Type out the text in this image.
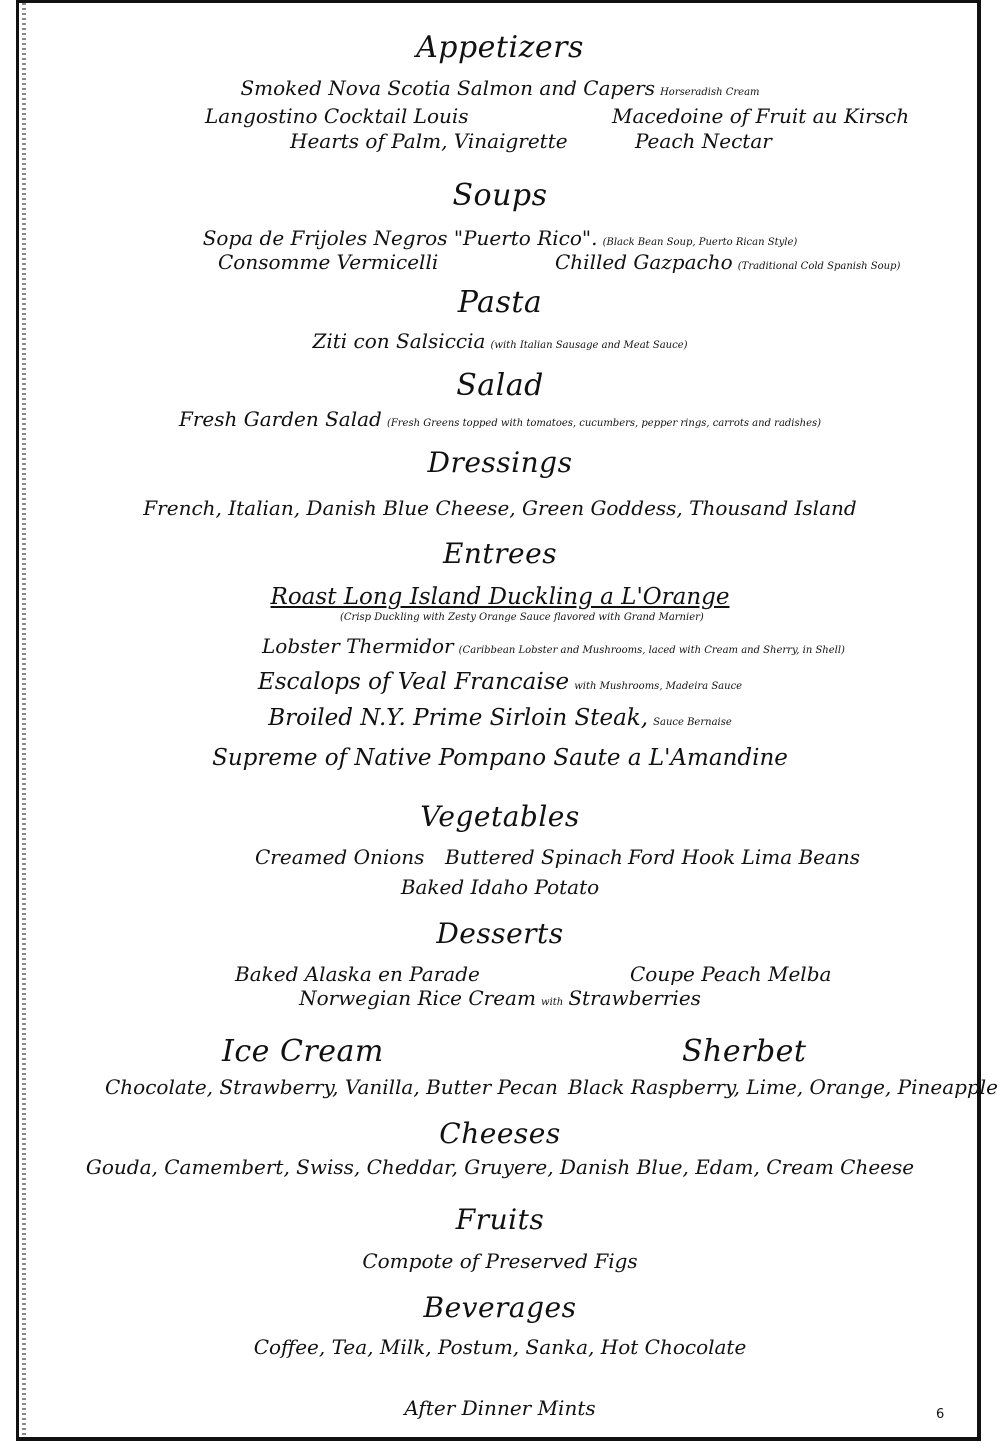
Appetizers
Smoked Nova Scotia Salmon and Capers Horseradish Cream
Langostino Cocktail Louis	Macedoine of Fruit au Kirsch
Hearts of Palm, Vinaigrette	Peach Nectar
Soups
Sopa de Frijoles Negros "Puerto Rico". (Black Bean Soup, Puerto Rican Style)
Consomme Vermicelli	Chilled Gazpacho (Traditional Cold Spanish Soup)
Pasta
Ziti con Salsiccia (with Italian Sausage and Meat Sauce)
Salad
Fresh Garden Salad (Fresh Greens topped with tomatoes, cucumbers, pepper rings, carrots and radishes)
Dressings
French, Italian, Danish Blue Cheese, Green Goddess, Thousand Island
Entrees
Roast Long Island Duckling a L'Orange
(Crisp Duckling with Zesty Orange Sauce flavored with Grand Marnier)
Lobster Thermidor (Caribbean Lobster and Mushrooms, laced with Cream and Sherry, in Shell)
Escalops of Veal Francaise with Mushrooms, Madeira Sauce
Broiled N.Y. Prime Sirloin Steak, Sauce Bernaise
Supreme of Native Pompano Saute a L'Amandine
Vegetables
Creamed Onions Buttered Spinach Ford Hook Lima Beans
Baked Idaho Potato
Desserts
Baked Alaska en Parade	Coupe Peach Melba
Norwegian Rice Cream with Strawberries
Ice Cream	Sherbet
Chocolate, Strawberry, Vanilla, Butter Pecan Black Raspberry, Lime, Orange, Pineapple
Cheeses
Gouda, Camembert, Swiss, Cheddar, Gruyere, Danish Blue, Edam, Cream Cheese
Fruits
Compote of Preserved Figs
Beverages
Coffee, Tea, Milk, Postum, Sanka, Hot Chocolate
After Dinner Mints	6
